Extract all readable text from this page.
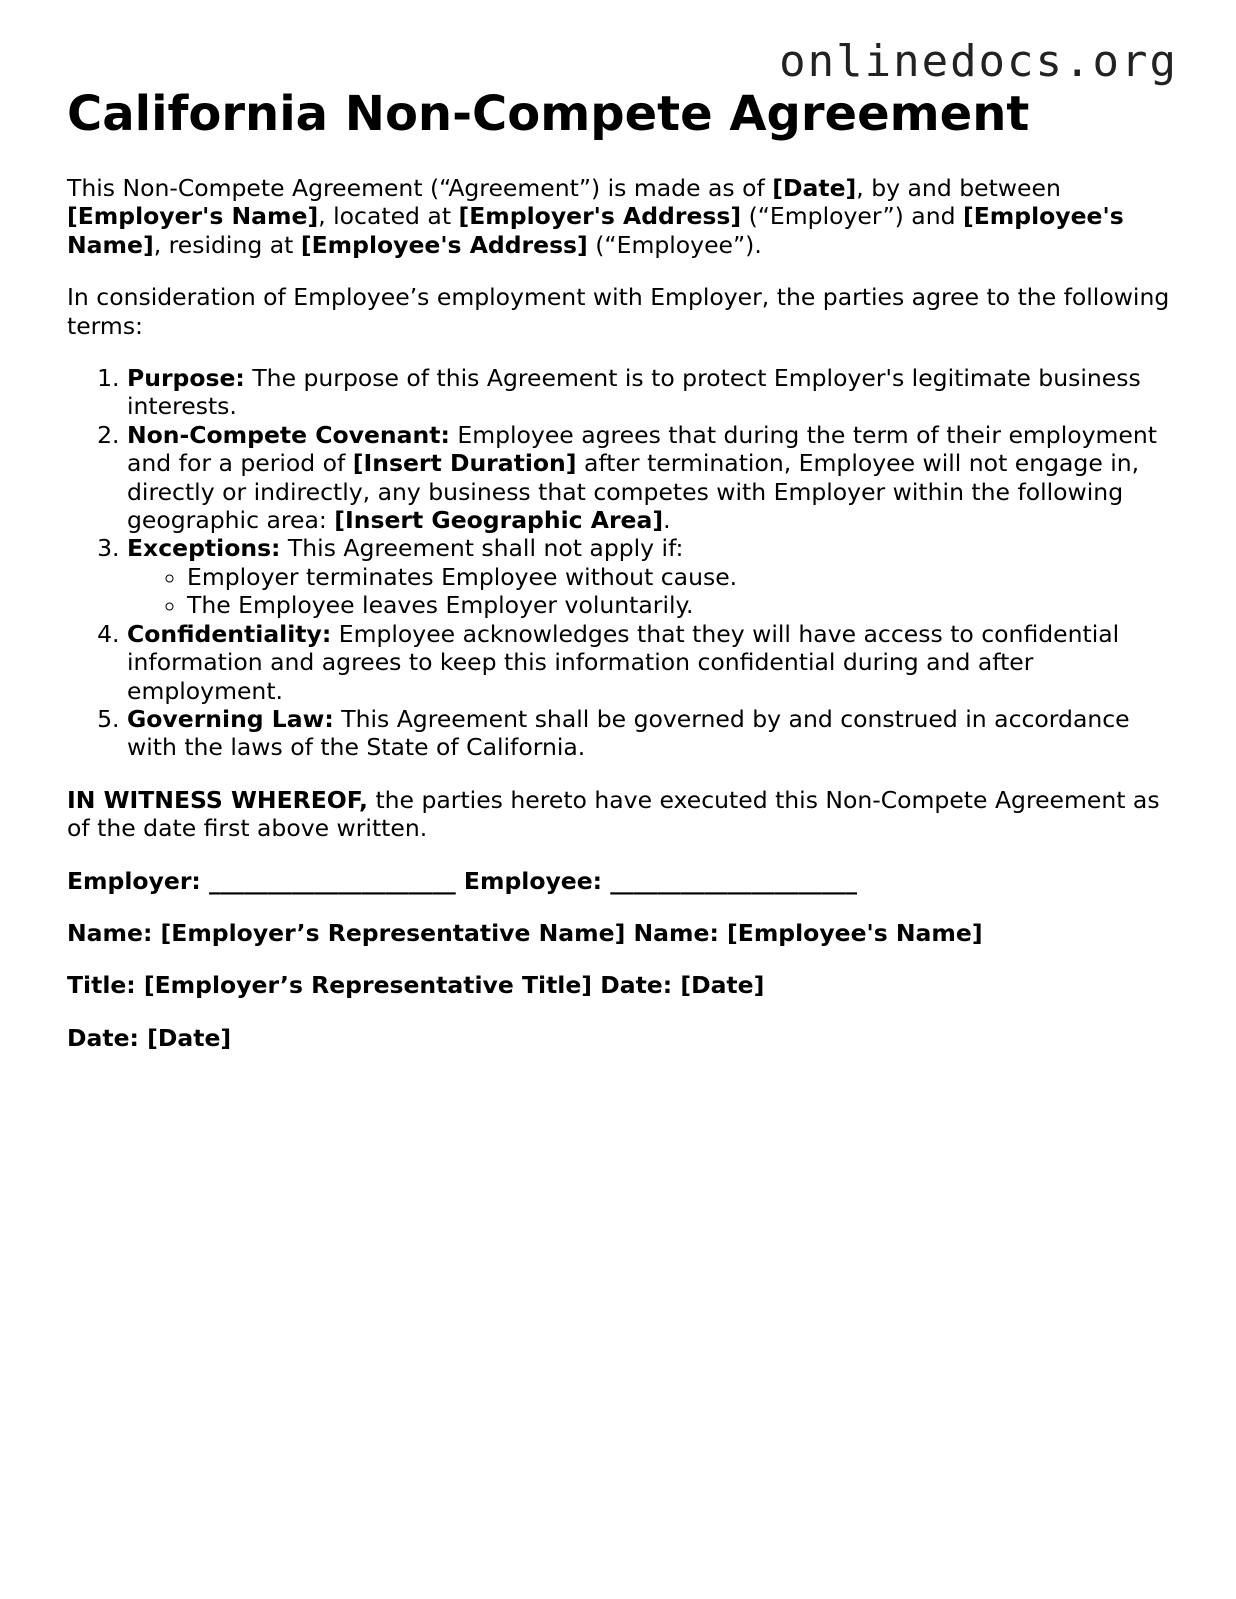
onlinedocs.org
California Non-Compete Agreement

This Non-Compete Agreement (“Agreement”) is made as of [Date], by and between [Employer's Name], located at [Employer's Address] (“Employer”) and [Employee's Name], residing at [Employee's Address] (“Employee”).

In consideration of Employee’s employment with Employer, the parties agree to the following terms:

1. Purpose: The purpose of this Agreement is to protect Employer's legitimate business interests.
2. Non-Compete Covenant: Employee agrees that during the term of their employment and for a period of [Insert Duration] after termination, Employee will not engage in, directly or indirectly, any business that competes with Employer within the following geographic area: [Insert Geographic Area].
3. Exceptions: This Agreement shall not apply if:
◦ Employer terminates Employee without cause.
◦ The Employee leaves Employer voluntarily.
4. Confidentiality: Employee acknowledges that they will have access to confidential information and agrees to keep this information confidential during and after employment.
5. Governing Law: This Agreement shall be governed by and construed in accordance with the laws of the State of California.

IN WITNESS WHEREOF, the parties hereto have executed this Non-Compete Agreement as of the date first above written.

Employer: _____________________ Employee: _____________________

Name: [Employer’s Representative Name] Name: [Employee's Name]

Title: [Employer’s Representative Title] Date: [Date]

Date: [Date]
